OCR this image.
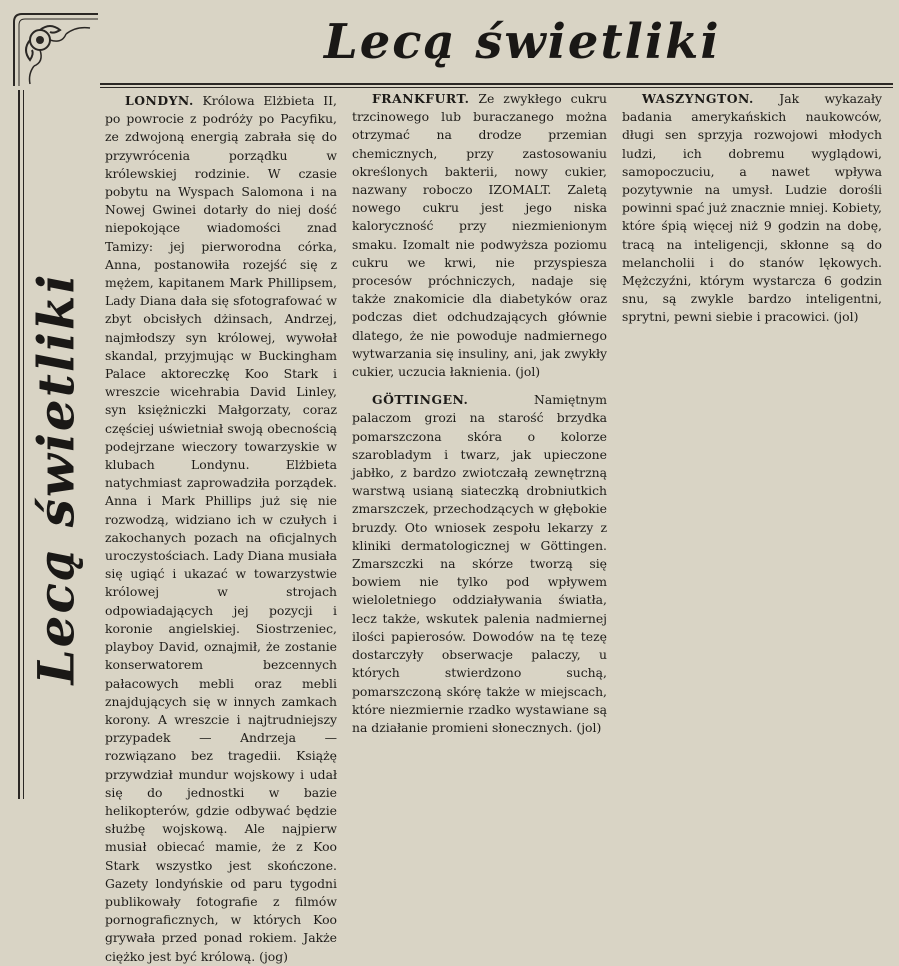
Lecą świetliki
Lecą świetliki

LONDYN. Królowa Elżbieta II, po powrocie z podróży po Pacyfiku, ze zdwojoną energią zabrała się do przywrócenia porządku w królewskiej rodzinie. W czasie pobytu na Wyspach Salomona i na Nowej Gwinei dotarły do niej dość niepokojące wiadomości znad Tamizy: jej pierworodna córka, Anna, postanowiła rozejść się z mężem, kapitanem Mark Phillipsem, Lady Diana dała się sfotografować w zbyt obcisłych dżinsach, Andrzej, najmłodszy syn królowej, wywołał skandal, przyjmując w Buckingham Palace aktoreczkę Koo Stark i wreszcie wicehrabia David Linley, syn księżniczki Małgorzaty, coraz częściej uświetniał swoją obecnością podejrzane wieczory towarzyskie w klubach Londynu. Elżbieta natychmiast zaprowadziła porządek. Anna i Mark Phillips już się nie rozwodzą, widziano ich w czułych i zakochanych pozach na oficjalnych uroczystościach. Lady Diana musiała się ugiąć i ukazać w towarzystwie królowej w strojach odpowiadających jej pozycji i koronie angielskiej. Siostrzeniec, playboy David, oznajmił, że zostanie konserwatorem bezcennych pałacowych mebli oraz mebli znajdujących się w innych zamkach korony. A wreszcie i najtrudniejszy przypadek — Andrzeja — rozwiązano bez tragedii. Książę przywdział mundur wojskowy i udał się do jednostki w bazie helikopterów, gdzie odbywać będzie służbę wojskową. Ale najpierw musiał obiecać mamie, że z Koo Stark wszystko jest skończone. Gazety londyńskie od paru tygodni publikowały fotografie z filmów pornograficznych, w których Koo grywała przed ponad rokiem. Jakże ciężko jest być królową. (jog)

FRANKFURT. Ze zwykłego cukru trzcinowego lub buraczanego można otrzymać na drodze przemian chemicznych, przy zastosowaniu określonych bakterii, nowy cukier, nazwany roboczo IZOMALT. Zaletą nowego cukru jest jego niska kaloryczność przy niezmienionym smaku. Izomalt nie podwyższa poziomu cukru we krwi, nie przyspiesza procesów próchniczych, nadaje się także znakomicie dla diabetyków oraz podczas diet odchudzających głównie dlatego, że nie powoduje nadmiernego wytwarzania się insuliny, ani, jak zwykły cukier, uczucia łaknienia. (jol)

GÖTTINGEN.	Namiętnym palaczom grozi na starość brzydka pomarszczona skóra o kolorze szarobladym i twarz, jak upieczone jabłko, z bardzo zwiotczałą zewnętrzną warstwą usianą siateczką drobniutkich zmarszczek, przechodzących w głębokie bruzdy. Oto wniosek zespołu lekarzy z kliniki dermatologicznej w Göttingen. Zmarszczki na skórze tworzą się bowiem nie tylko pod wpływem wieloletniego oddziaływania światła, lecz także, wskutek palenia nadmiernej ilości papierosów. Dowodów na tę tezę dostarczyły obserwacje palaczy, u których stwierdzono suchą, pomarszczoną skórę także w miejscach, które niezmiernie rzadko wystawiane są na działanie promieni słonecznych. (jol)

WASZYNGTON. Jak wykazały badania amerykańskich naukowców, długi sen sprzyja rozwojowi młodych ludzi, ich dobremu wyglądowi, samopoczuciu, a nawet wpływa pozytywnie na umysł. Ludzie dorośli powinni spać już znacznie mniej. Kobiety, które śpią więcej niż 9 godzin na dobę, tracą na inteligencji, skłonne są do melancholii i do stanów lękowych. Mężczyźni, którym wystarcza 6 godzin snu, są zwykle bardzo inteligentni, sprytni, pewni siebie i pracowici. (jol)
